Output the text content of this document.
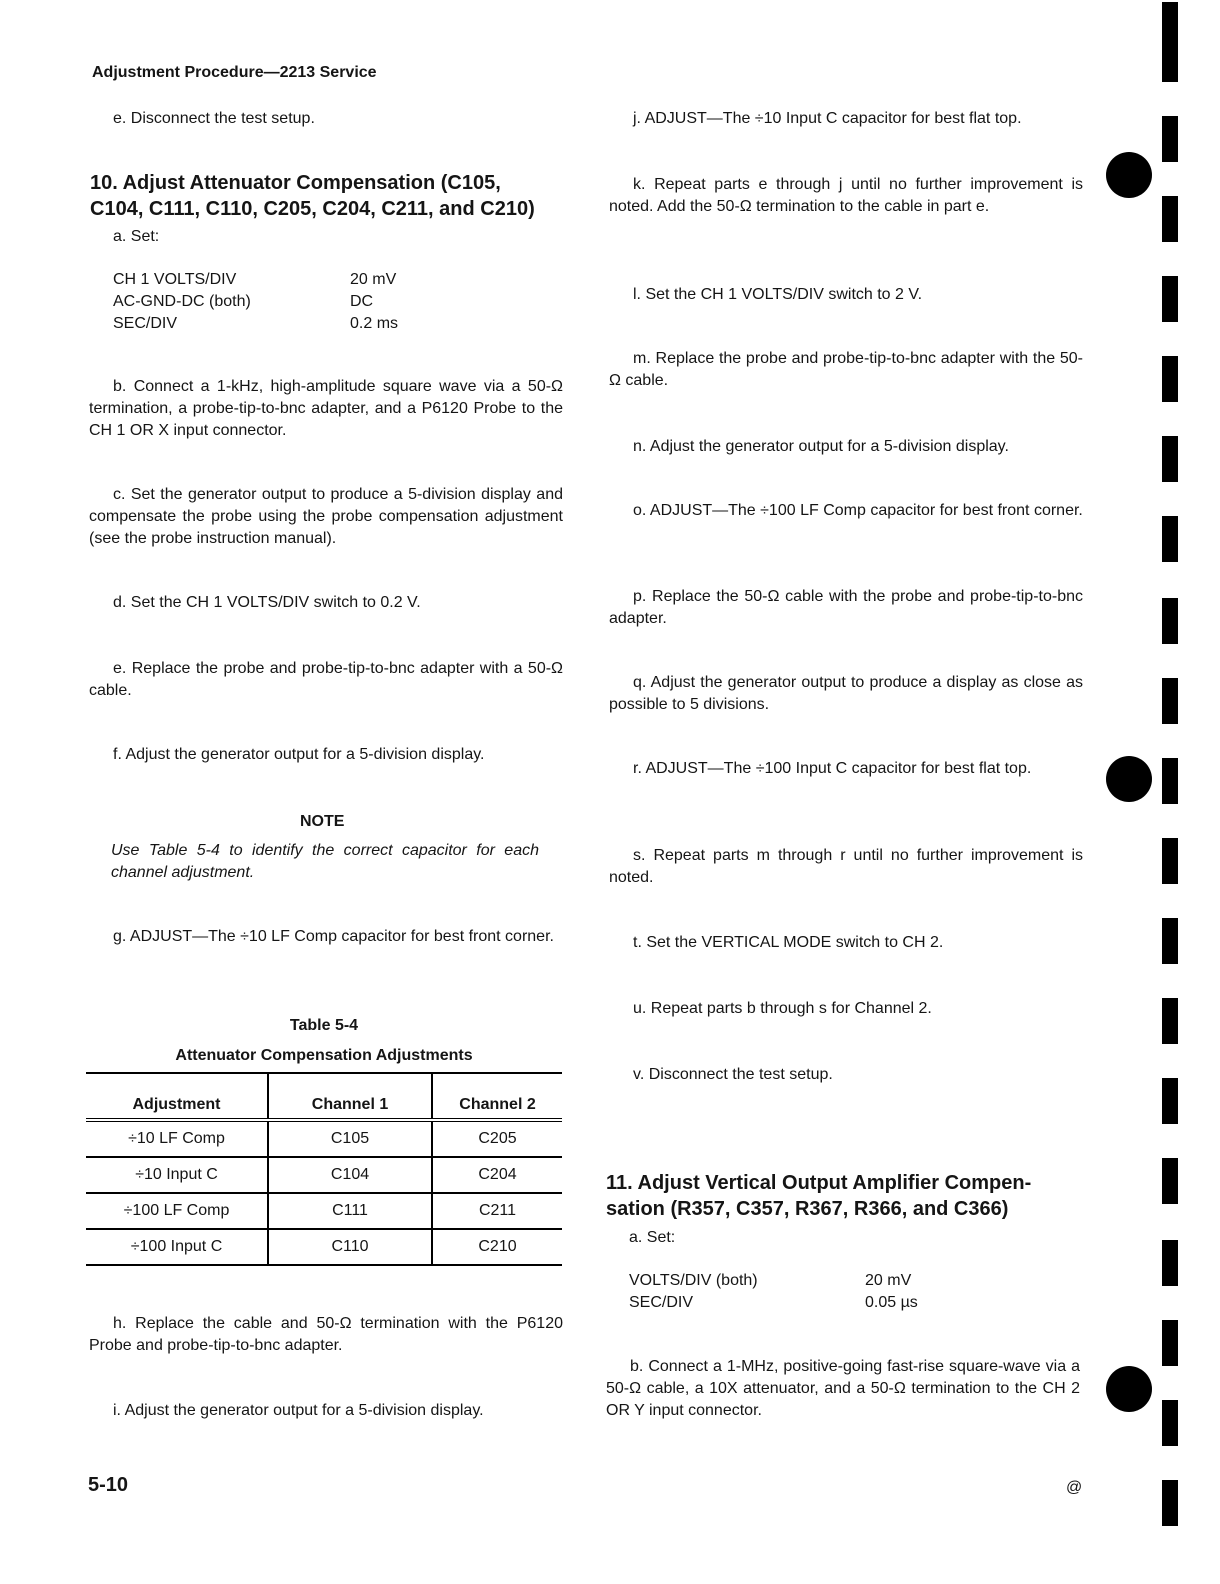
Adjustment Procedure—2213 Service
e. Disconnect the test setup.
10. Adjust Attenuator Compensation (C105,
C104, C111, C110, C205, C204, C211, and C210)
a. Set:
CH 1 VOLTS/DIV	20 mV
AC-GND-DC (both)	DC
SEC/DIV	0.2 ms
b. Connect a 1-kHz, high-amplitude square wave via a 50-Ω termination, a probe-tip-to-bnc adapter, and a P6120 Probe to the CH 1 OR X input connector.
c. Set the generator output to produce a 5-division display and compensate the probe using the probe compensation adjustment (see the probe instruction manual).
d. Set the CH 1 VOLTS/DIV switch to 0.2 V.
e. Replace the probe and probe-tip-to-bnc adapter with a 50-Ω cable.
f. Adjust the generator output for a 5-division display.
NOTE
Use Table 5-4 to identify the correct capacitor for each channel adjustment.
g. ADJUST—The ÷10 LF Comp capacitor for best front corner.
Table 5-4
Attenuator Compensation Adjustments
Adjustment	Channel 1	Channel 2
÷10 LF Comp	C105	C205
÷10 Input C	C104	C204
÷100 LF Comp	C111	C211
÷100 Input C	C110	C210
h. Replace the cable and 50-Ω termination with the P6120 Probe and probe-tip-to-bnc adapter.
i. Adjust the generator output for a 5-division display.
j. ADJUST—The ÷10 Input C capacitor for best flat top.
k. Repeat parts e through j until no further improvement is noted. Add the 50-Ω termination to the cable in part e.
l. Set the CH 1 VOLTS/DIV switch to 2 V.
m. Replace the probe and probe-tip-to-bnc adapter with the 50-Ω cable.
n. Adjust the generator output for a 5-division display.
o. ADJUST—The ÷100 LF Comp capacitor for best front corner.
p. Replace the 50-Ω cable with the probe and probe-tip-to-bnc adapter.
q. Adjust the generator output to produce a display as close as possible to 5 divisions.
r. ADJUST—The ÷100 Input C capacitor for best flat top.
s. Repeat parts m through r until no further improvement is noted.
t. Set the VERTICAL MODE switch to CH 2.
u. Repeat parts b through s for Channel 2.
v. Disconnect the test setup.
11. Adjust Vertical Output Amplifier Compen-
sation (R357, C357, R367, R366, and C366)
a. Set:
VOLTS/DIV (both)	20 mV
SEC/DIV	0.05 µs
b. Connect a 1-MHz, positive-going fast-rise square-wave via a 50-Ω cable, a 10X attenuator, and a 50-Ω termination to the CH 2 OR Y input connector.
5-10	@
